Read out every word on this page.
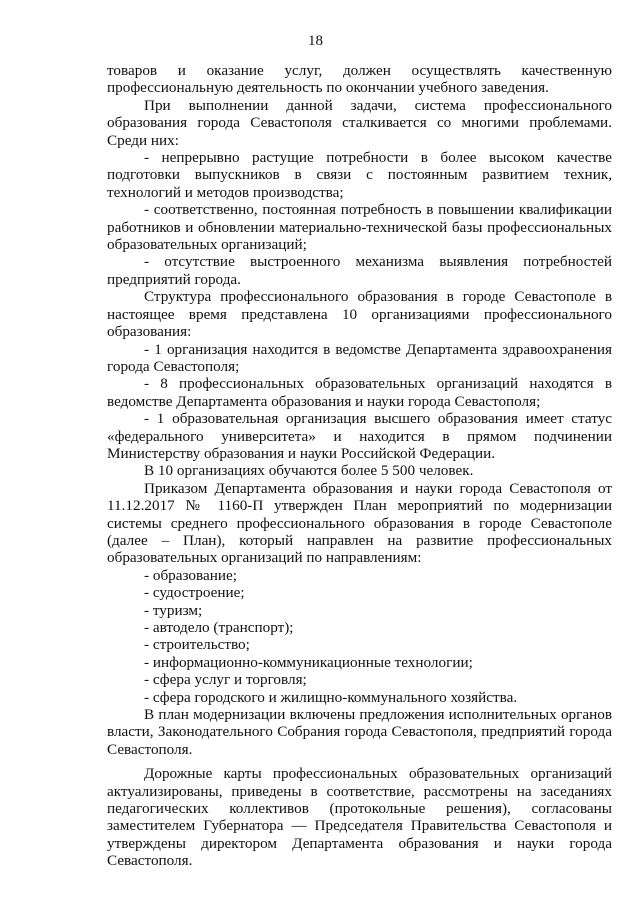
18

товаров и оказание услуг, должен осуществлять качественную профессиональную деятельность по окончании учебного заведения.

При выполнении данной задачи, система профессионального образования города Севастополя сталкивается со многими проблемами. Среди них:

- непрерывно растущие потребности в более высоком качестве подготовки выпускников в связи с постоянным развитием техник, технологий и методов производства;

- соответственно, постоянная потребность в повышении квалификации работников и обновлении материально-технической базы профессиональных образовательных организаций;

- отсутствие выстроенного механизма выявления потребностей предприятий города.

Структура профессионального образования в городе Севастополе в настоящее время представлена 10 организациями профессионального образования:

- 1 организация находится в ведомстве Департамента здравоохранения города Севастополя;

- 8 профессиональных образовательных организаций находятся в ведомстве Департамента образования и науки города Севастополя;

- 1 образовательная организация высшего образования имеет статус «федерального университета» и находится в прямом подчинении Министерству образования и науки Российской Федерации.

В 10 организациях обучаются более 5 500 человек.

Приказом Департамента образования и науки города Севастополя от 11.12.2017 № 1160-П утвержден План мероприятий по модернизации системы среднего профессионального образования в городе Севастополе (далее – План), который направлен на развитие профессиональных образовательных организаций по направлениям:

- образование;

- судостроение;

- туризм;

- автодело (транспорт);

- строительство;

- информационно-коммуникационные технологии;

- сфера услуг и торговля;

- сфера городского и жилищно-коммунального хозяйства.

В план модернизации включены предложения исполнительных органов власти, Законодательного Собрания города Севастополя, предприятий города Севастополя.

Дорожные карты профессиональных образовательных организаций актуализированы, приведены в соответствие, рассмотрены на заседаниях педагогических коллективов (протокольные решения), согласованы заместителем Губернатора — Председателя Правительства Севастополя и утверждены директором Департамента образования и науки города Севастополя.
